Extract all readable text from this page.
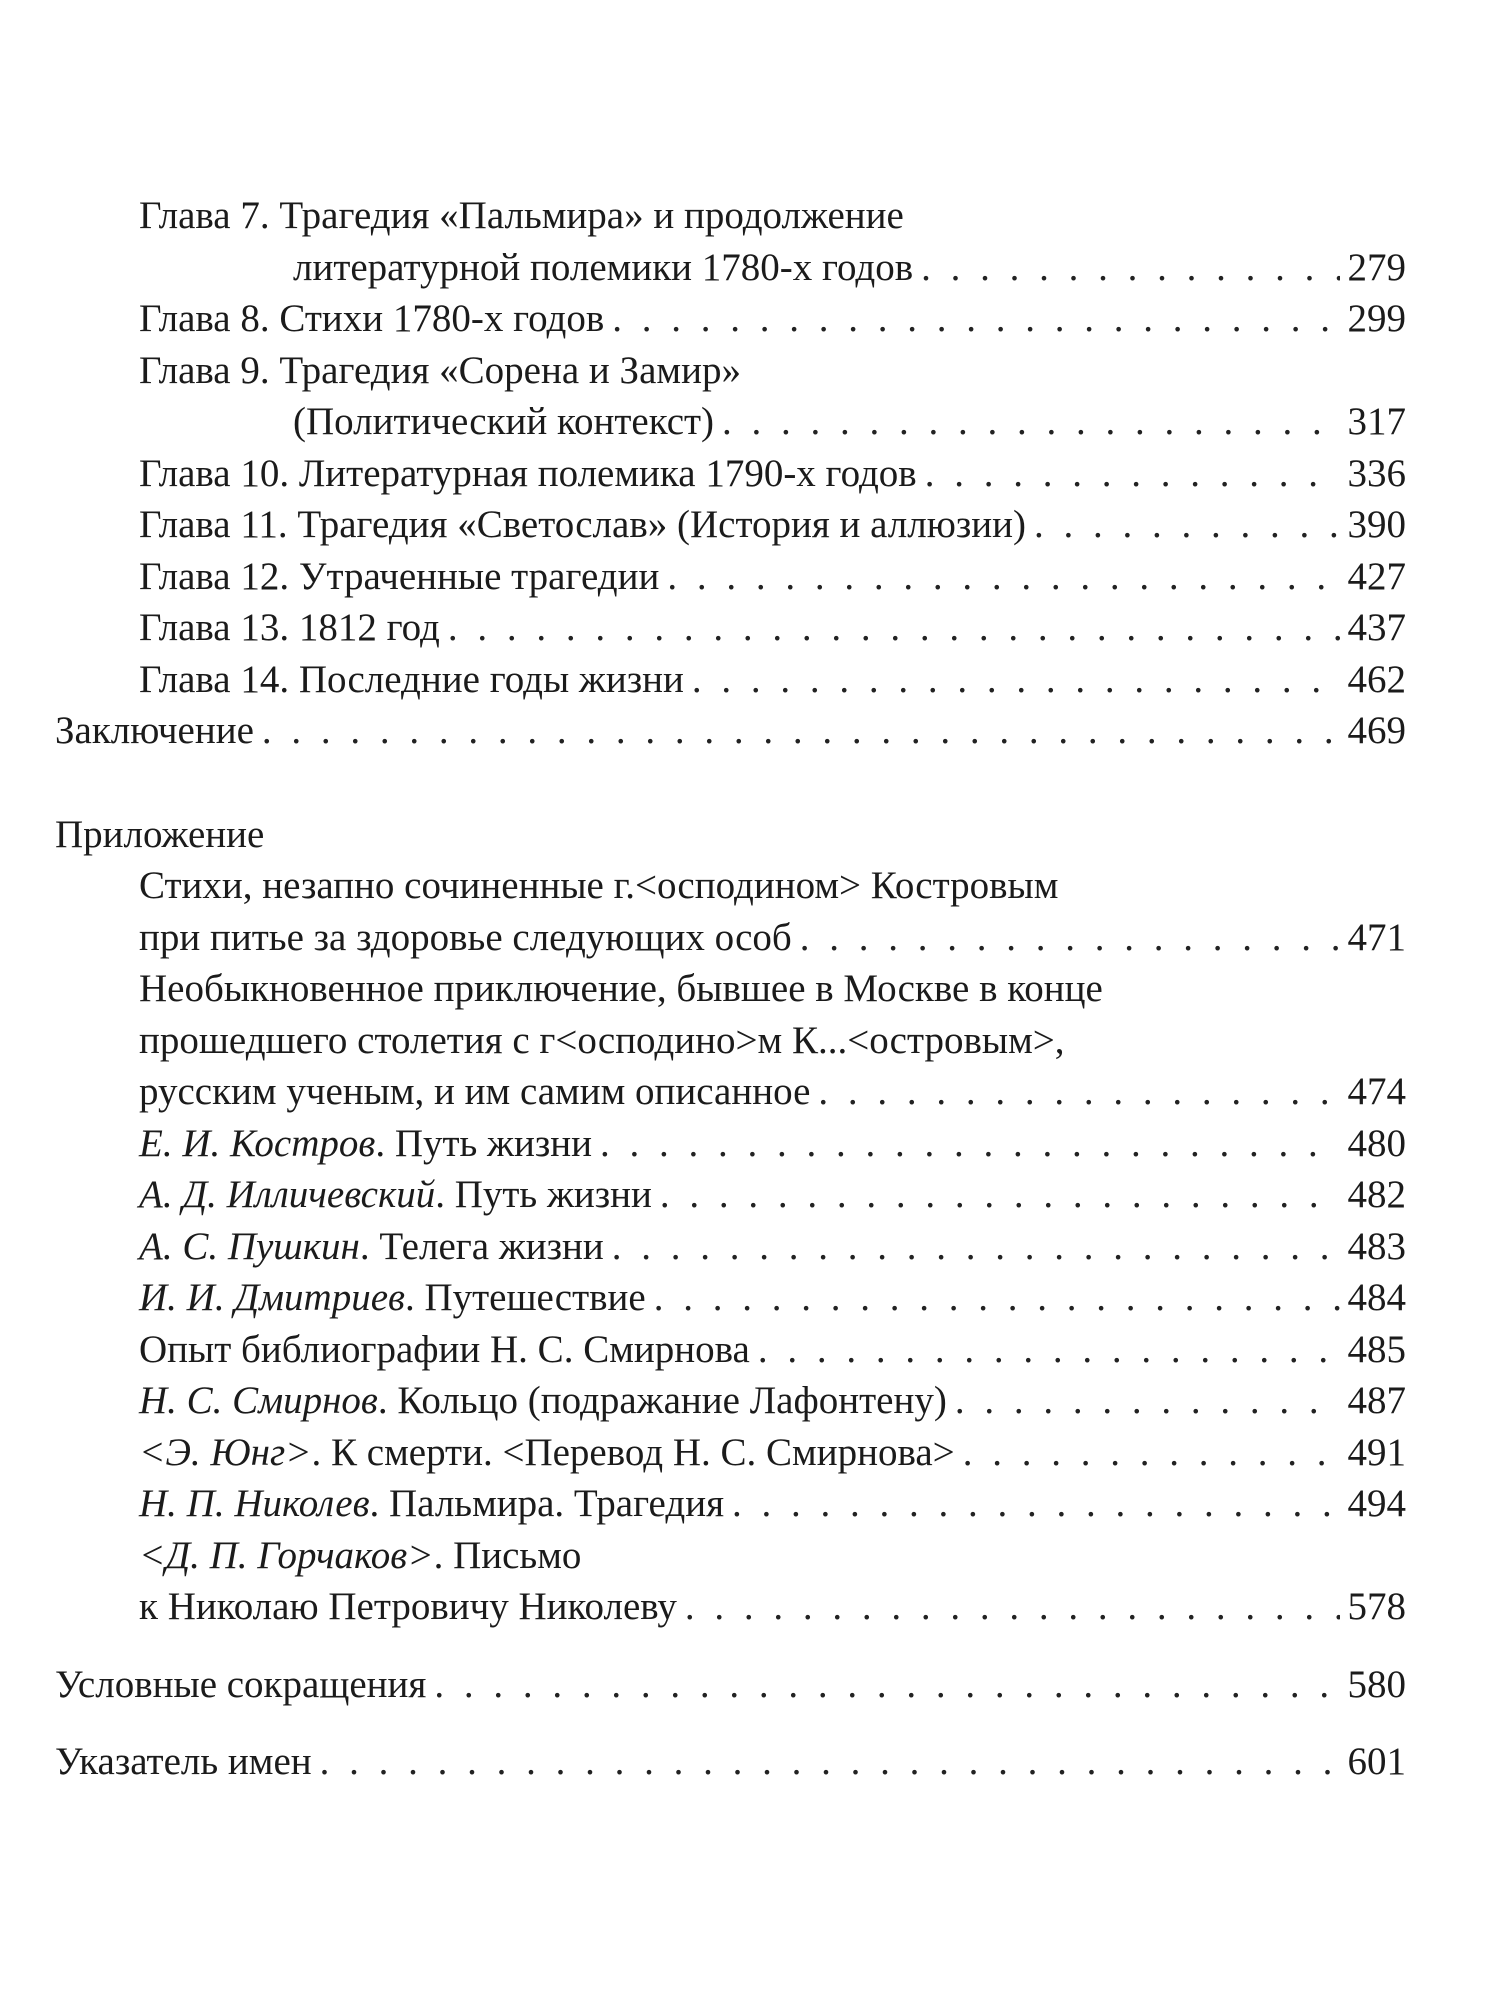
Глава 7. Трагедия «Пальмира» и продолжение
литературной полемики 1780-х годов . . .	279
Глава 8. Стихи 1780-х годов . . .	299
Глава 9. Трагедия «Сорена и Замир»
(Политический контекст) . . .	317
Глава 10. Литературная полемика 1790-х годов . . .	336
Глава 11. Трагедия «Светослав» (История и аллюзии) . . .	390
Глава 12. Утраченные трагедии . . .	427
Глава 13. 1812 год . . .	437
Глава 14. Последние годы жизни . . .	462
Заключение . . .	469
Приложение
Стихи, незапно сочиненные г.<осподином> Костровым
при питье за здоровье следующих особ . . .	471
Необыкновенное приключение, бывшее в Москве в конце
прошедшего столетия с г<осподино>м К...<островым>,
русским ученым, и им самим описанное . . .	474
Е. И. Костров. Путь жизни . . .	480
А. Д. Илличевский. Путь жизни . . .	482
А. С. Пушкин. Телега жизни . . .	483
И. И. Дмитриев. Путешествие . . .	484
Опыт библиографии Н. С. Смирнова . . .	485
Н. С. Смирнов. Кольцо (подражание Лафонтену) . . .	487
<Э. Юнг>. К смерти. <Перевод Н. С. Смирнова> . . .	491
Н. П. Николев. Пальмира. Трагедия . . .	494
<Д. П. Горчаков>. Письмо
к Николаю Петровичу Николеву . . .	578
Условные сокращения . . .	580
Указатель имен . . .	601
